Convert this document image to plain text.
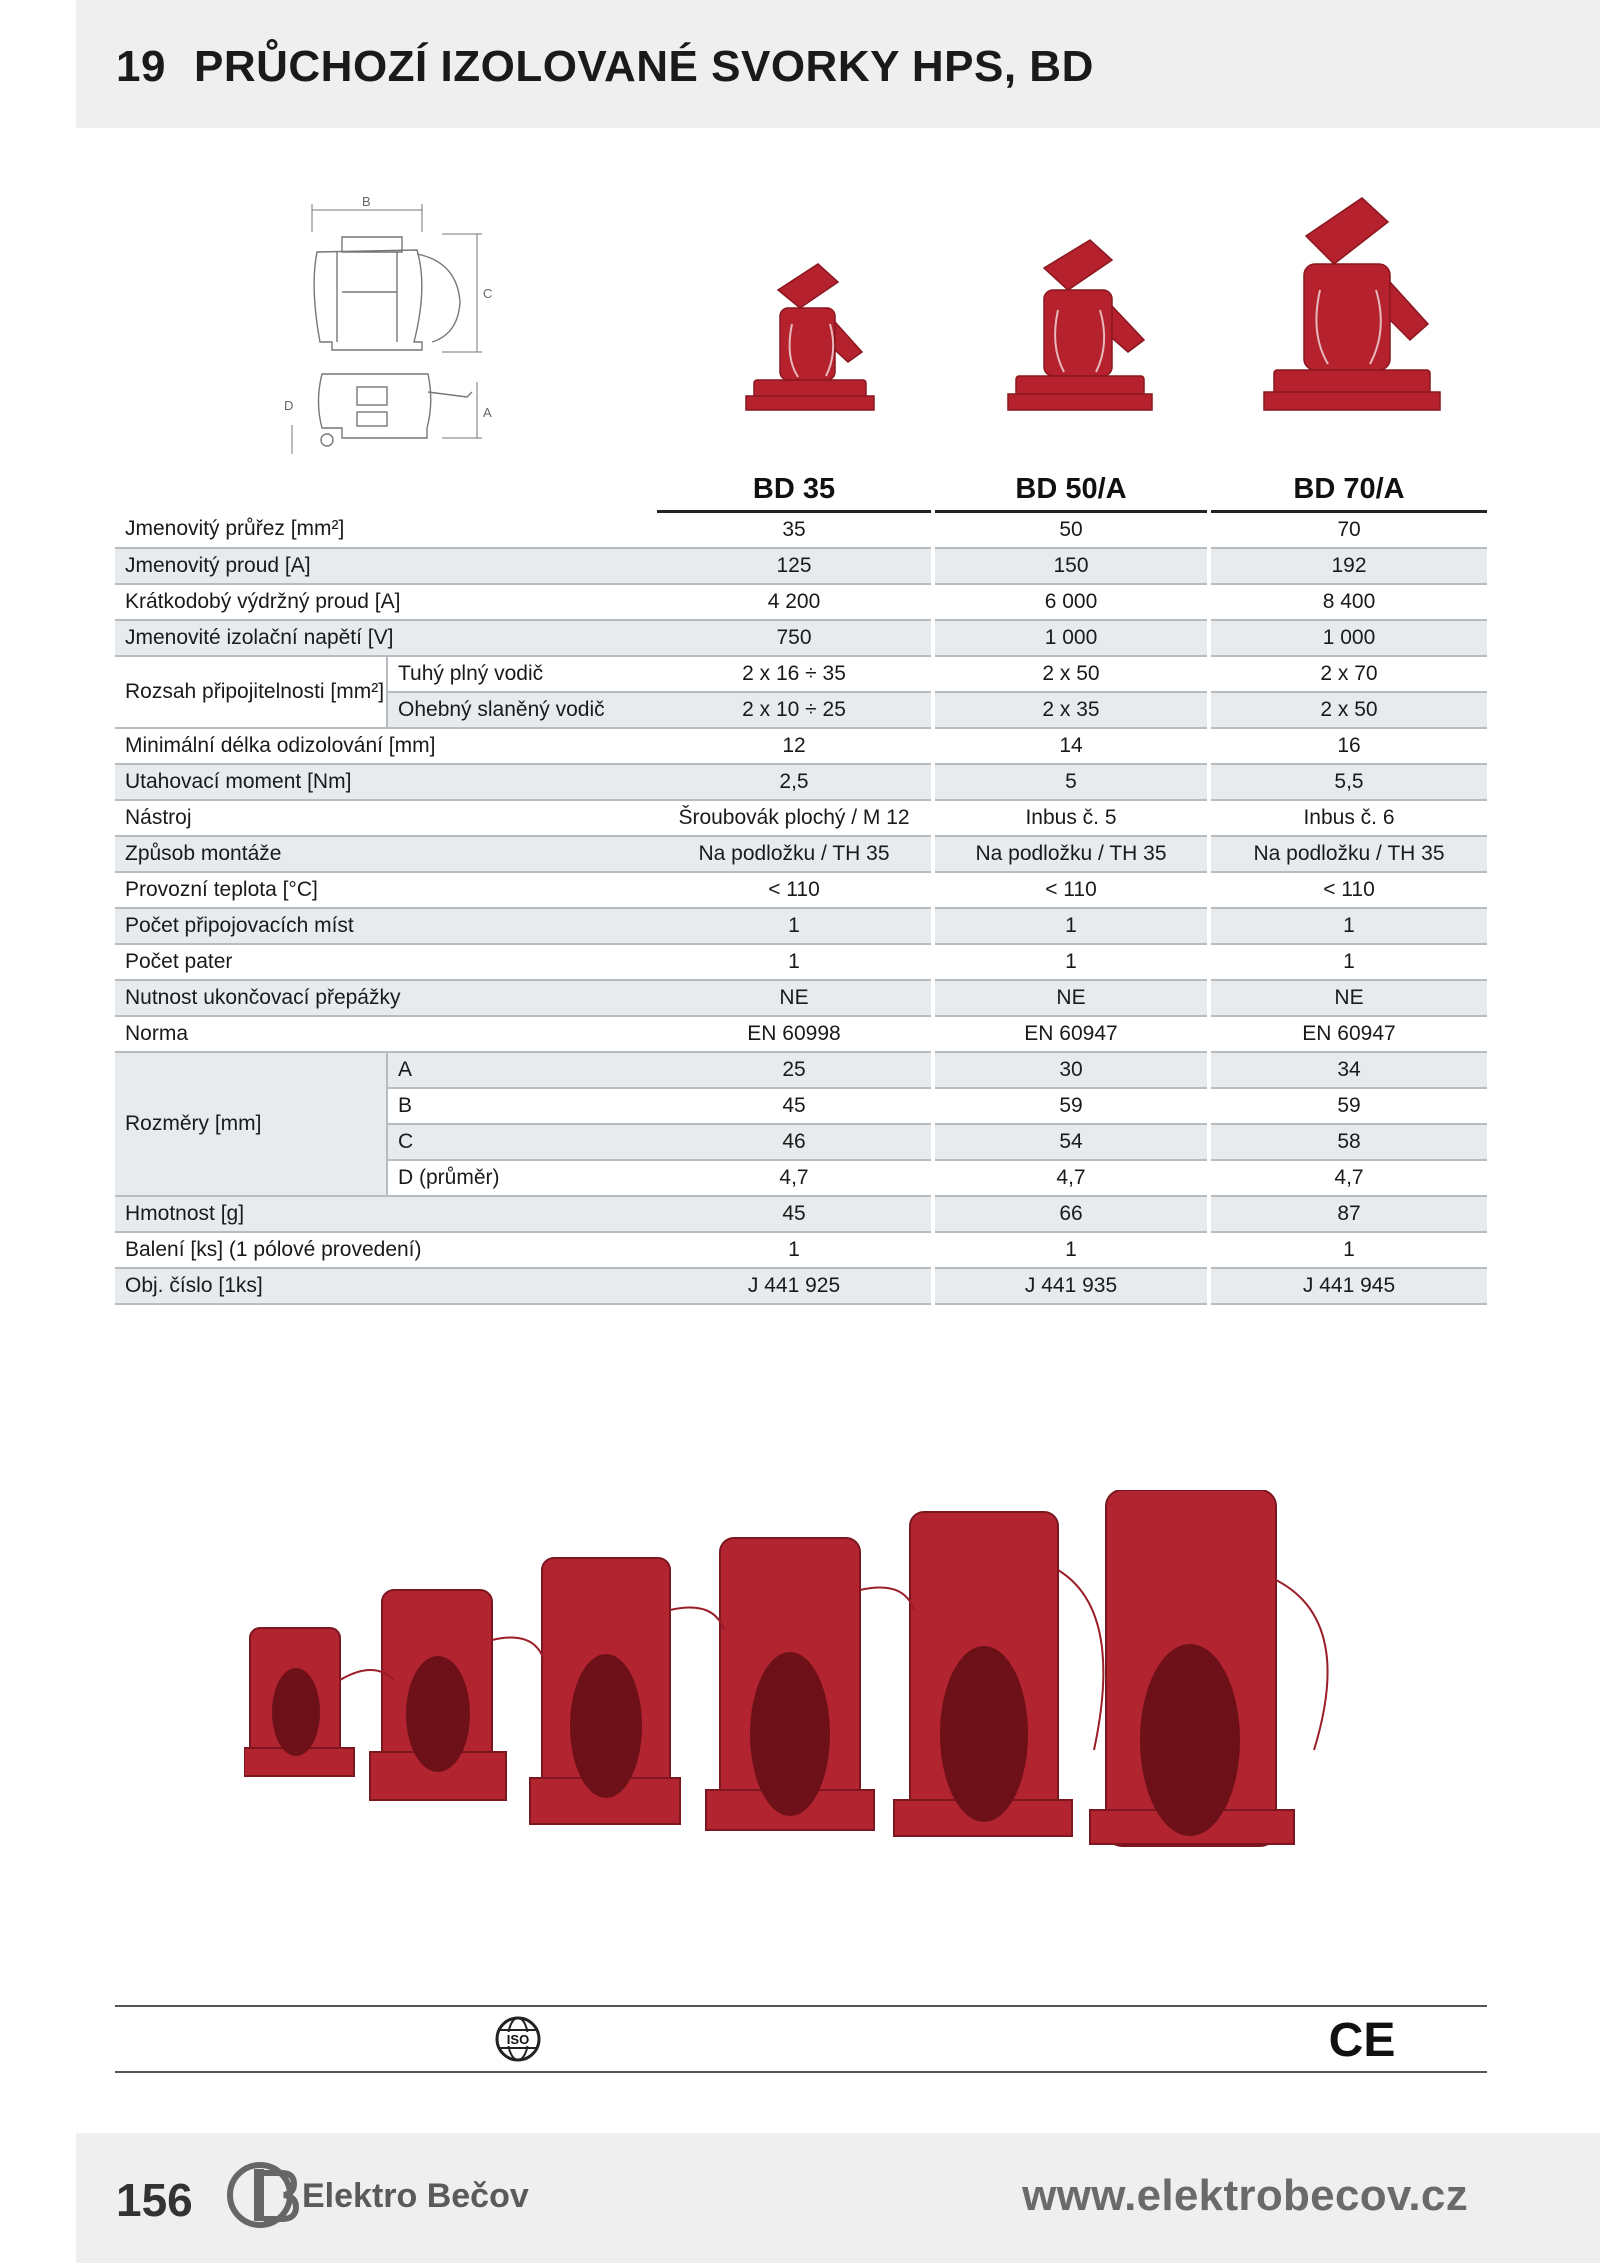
19 PRŮCHOZÍ IZOLOVANÉ SVORKY HPS, BD
B
C
A
D
		BD 35	BD 50/A	BD 70/A
Jmenovitý průřez [mm²]		35	50	70
Jmenovitý proud [A]		125	150	192
Krátkodobý výdržný proud [A]		4 200	6 000	8 400
Jmenovité izolační napětí [V]		750	1 000	1 000
Rozsah připojitelnosti [mm²]	Tuhý plný vodič	2 x 16 ÷ 35	2 x 50	2 x 70
	Ohebný slaněný vodič	2 x 10 ÷ 25	2 x 35	2 x 50
Minimální délka odizolování [mm]		12	14	16
Utahovací moment [Nm]		2,5	5	5,5
Nástroj		Šroubovák plochý / M 12	Inbus č. 5	Inbus č. 6
Způsob montáže		Na podložku / TH 35	Na podložku / TH 35	Na podložku / TH 35
Provozní teplota [°C]		< 110	< 110	< 110
Počet připojovacích míst		1	1	1
Počet pater		1	1	1
Nutnost ukončovací přepážky		NE	NE	NE
Norma		EN 60998	EN 60947	EN 60947
Rozměry [mm]	A	25	30	34
	B	45	59	59
	C	46	54	58
	D (průměr)	4,7	4,7	4,7
Hmotnost [g]		45	66	87
Balení [ks] (1 pólové provedení)		1	1	1
Obj. číslo [1ks]		J 441 925	J 441 935	J 441 945
ISO	CE
156	Elektro Bečov	www.elektrobecov.cz
